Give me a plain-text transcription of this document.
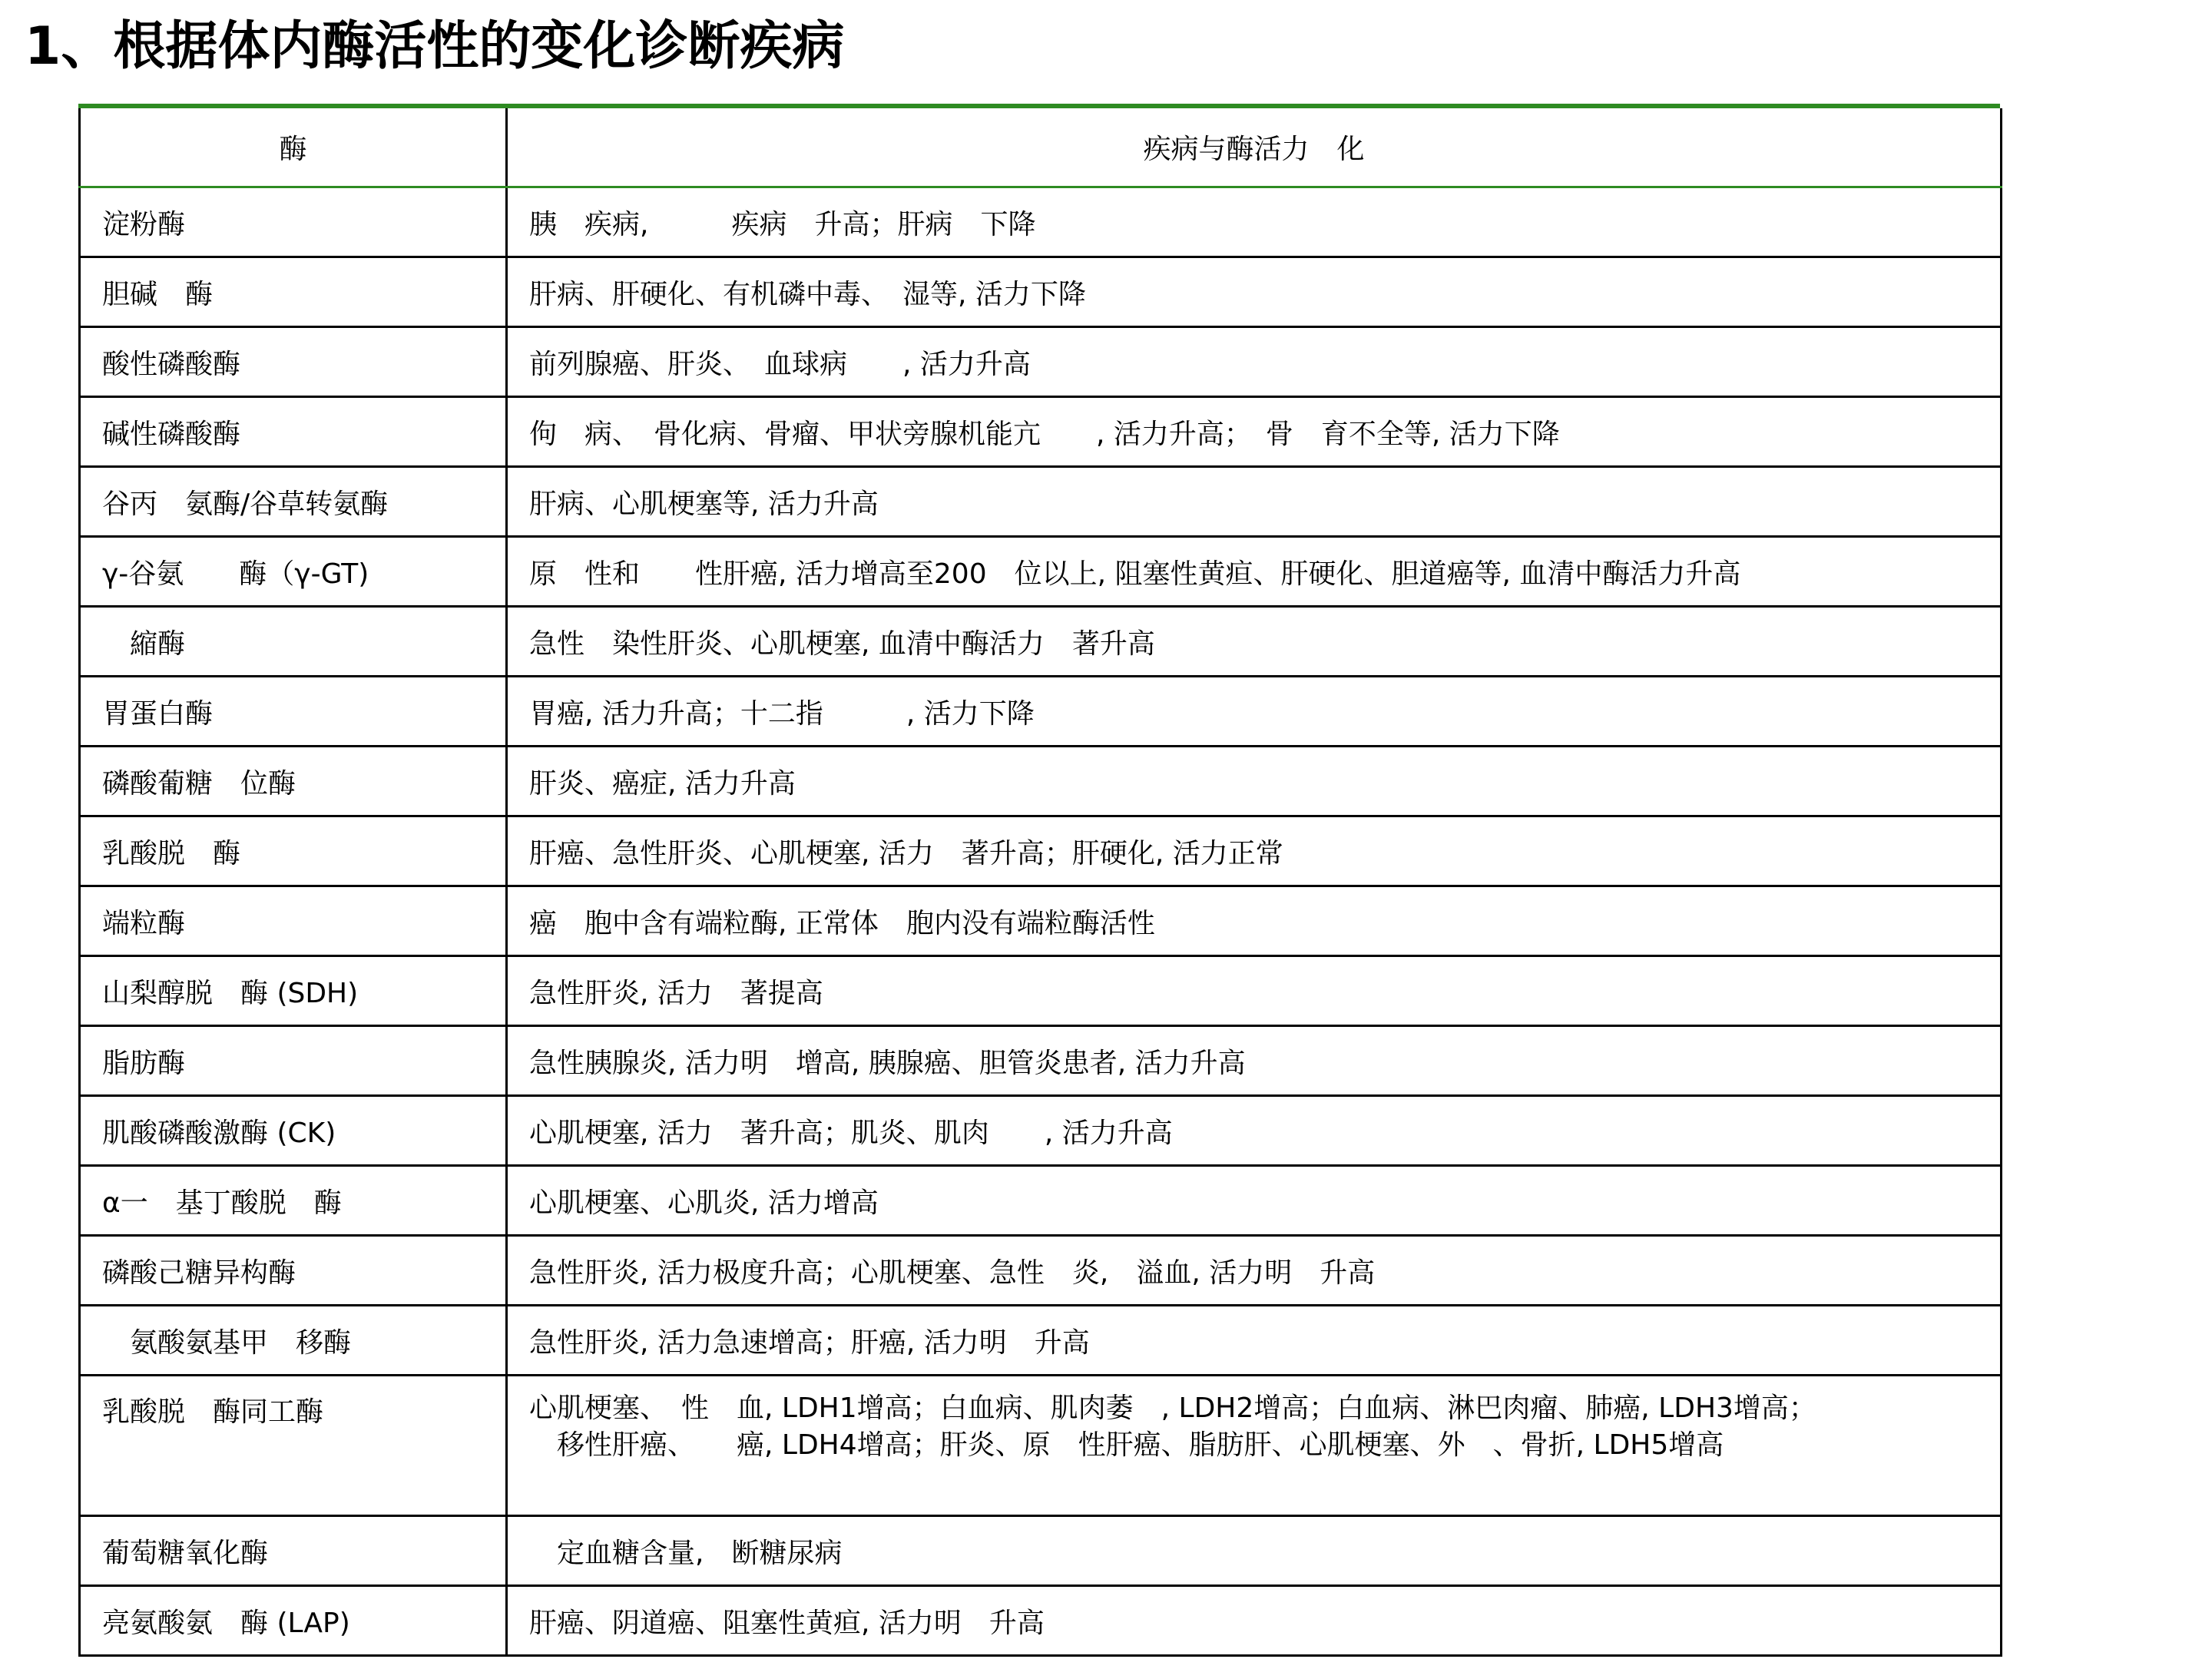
1、根据体内酶活性的变化诊断疾病
酶	疾病与酶活力　化
淀粉酶	胰　疾病,　　　疾病　升高；肝病　下降
胆碱　酶	肝病、肝硬化、有机磷中毒、　湿等, 活力下降
酸性磷酸酶	前列腺癌、肝炎、　血球病　　, 活力升高
碱性磷酸酶	佝　病、　骨化病、骨瘤、甲状旁腺机能亢　　, 活力升高；　骨　育不全等, 活力下降
谷丙　氨酶/谷草转氨酶	肝病、心肌梗塞等, 活力升高
γ-谷氨　　酶（γ-GT)	原　性和　　性肝癌, 活力增高至200　位以上, 阻塞性黄疸、肝硬化、胆道癌等, 血清中酶活力升高
　縮酶	急性　染性肝炎、心肌梗塞, 血清中酶活力　著升高
胃蛋白酶	胃癌, 活力升高；十二指　　　, 活力下降
磷酸葡糖　位酶	肝炎、癌症, 活力升高
乳酸脱　酶	肝癌、急性肝炎、心肌梗塞, 活力　著升高；肝硬化, 活力正常
端粒酶	癌　胞中含有端粒酶, 正常体　胞内没有端粒酶活性
山梨醇脱　酶 (SDH)	急性肝炎, 活力　著提高
脂肪酶	急性胰腺炎, 活力明　增高, 胰腺癌、胆管炎患者, 活力升高
肌酸磷酸激酶 (CK)	心肌梗塞, 活力　著升高；肌炎、肌肉　　, 活力升高
α一　基丁酸脱　酶	心肌梗塞、心肌炎, 活力增高
磷酸己糖异构酶	急性肝炎, 活力极度升高；心肌梗塞、急性　炎,　溢血, 活力明　升高
　氨酸氨基甲　移酶	急性肝炎, 活力急速增高；肝癌, 活力明　升高
乳酸脱　酶同工酶	心肌梗塞、　性　血, LDH1增高；白血病、肌肉萎　, LDH2增高；白血病、淋巴肉瘤、肺癌, LDH3增高；
　移性肝癌、　　癌, LDH4增高；肝炎、原　性肝癌、脂肪肝、心肌梗塞、外　、骨折, LDH5增高
葡萄糖氧化酶	　定血糖含量,　断糖尿病
亮氨酸氨　酶 (LAP)	肝癌、阴道癌、阻塞性黄疸, 活力明　升高
